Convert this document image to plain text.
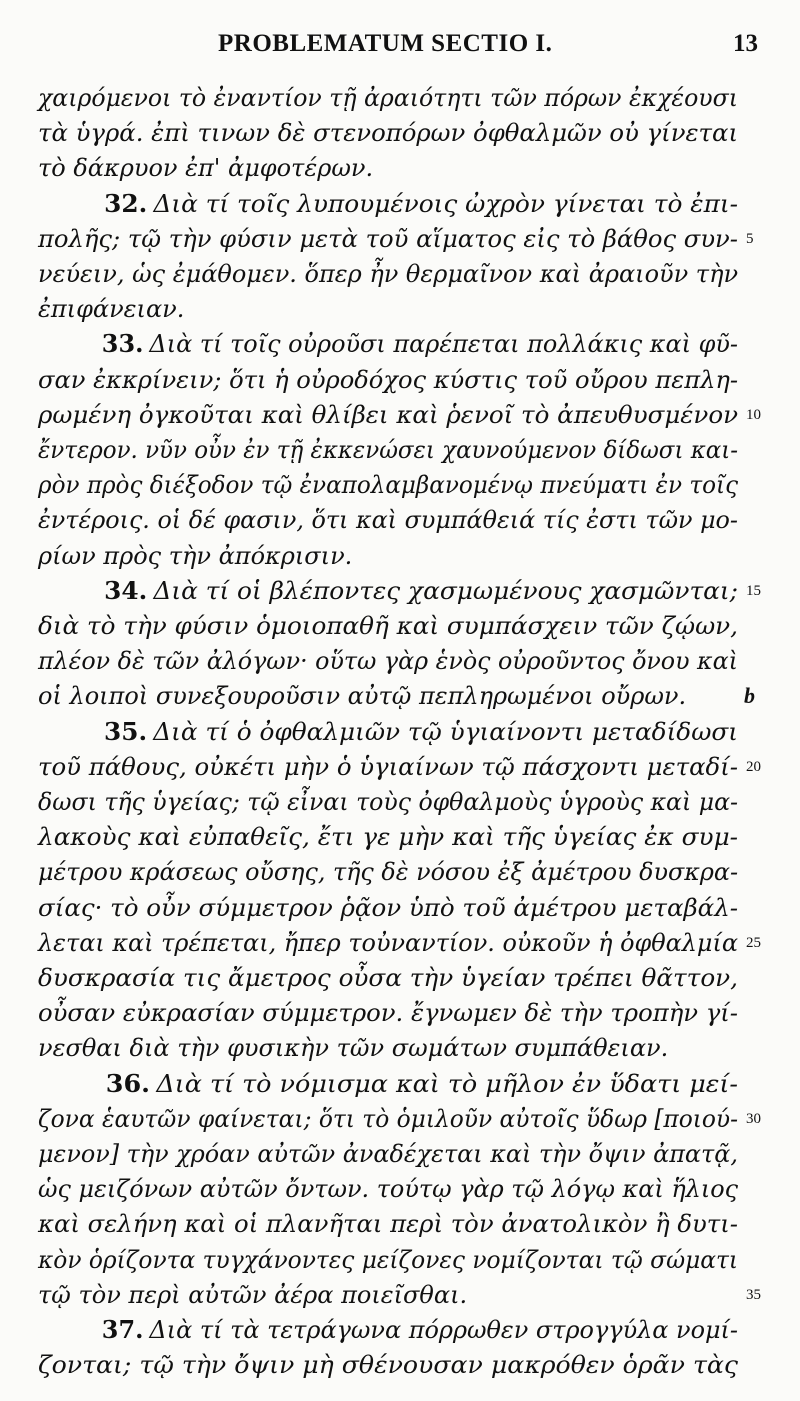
PROBLEMATUM SECTIO I.	13
χαιρόμενοι τὸ ἐναντίον τῇ ἀραιότητι τῶν πόρων ἐκχέουσι
τὰ ὑγρά. ἐπὶ τινων δὲ στενοπόρων ὀφθαλμῶν οὐ γίνεται
τὸ δάκρυον ἐπ' ἀμφοτέρων.
32. Διὰ τί τοῖς λυπουμένοις ὠχρὸν γίνεται τὸ ἐπι-
πολῆς; τῷ τὴν φύσιν μετὰ τοῦ αἵματος εἰς τὸ βάθος συν- 5
νεύειν, ὡς ἐμάθομεν. ὅπερ ἦν θερμαῖνον καὶ ἀραιοῦν τὴν
ἐπιφάνειαν.
33. Διὰ τί τοῖς οὐροῦσι παρέπεται πολλάκις καὶ φῦ-
σαν ἐκκρίνειν; ὅτι ἡ οὐροδόχος κύστις τοῦ οὔρου πεπλη-
ρωμένη ὀγκοῦται καὶ θλίβει καὶ ῥενοῖ τὸ ἀπευθυσμένον 10
ἔντερον. νῦν οὖν ἐν τῇ ἐκκενώσει χαυνούμενον δίδωσι και-
ρὸν πρὸς διέξοδον τῷ ἐναπολαμβανομένῳ πνεύματι ἐν τοῖς
ἐντέροις. οἱ δέ φασιν, ὅτι καὶ συμπάθειά τίς ἐστι τῶν μο-
ρίων πρὸς τὴν ἀπόκρισιν.
34. Διὰ τί οἱ βλέποντες χασμωμένους χασμῶνται; 15
διὰ τὸ τὴν φύσιν ὁμοιοπαθῆ καὶ συμπάσχειν τῶν ζῴων,
πλέον δὲ τῶν ἀλόγων· οὕτω γὰρ ἑνὸς οὐροῦντος ὄνου καὶ
οἱ λοιποὶ συνεξουροῦσιν αὐτῷ πεπληρωμένοι οὔρων.	b
35. Διὰ τί ὁ ὀφθαλμιῶν τῷ ὑγιαίνοντι μεταδίδωσι
τοῦ πάθους, οὐκέτι μὴν ὁ ὑγιαίνων τῷ πάσχοντι μεταδί- 20
δωσι τῆς ὑγείας; τῷ εἶναι τοὺς ὀφθαλμοὺς ὑγροὺς καὶ μα-
λακοὺς καὶ εὐπαθεῖς, ἔτι γε μὴν καὶ τῆς ὑγείας ἐκ συμ-
μέτρου κράσεως οὔσης, τῆς δὲ νόσου ἐξ ἀμέτρου δυσκρα-
σίας· τὸ οὖν σύμμετρον ῥᾷον ὑπὸ τοῦ ἀμέτρου μεταβάλ-
λεται καὶ τρέπεται, ἤπερ τοὐναντίον. οὐκοῦν ἡ ὀφθαλμία 25
δυσκρασία τις ἄμετρος οὖσα τὴν ὑγείαν τρέπει θᾶττον,
οὖσαν εὐκρασίαν σύμμετρον. ἔγνωμεν δὲ τὴν τροπὴν γί-
νεσθαι διὰ τὴν φυσικὴν τῶν σωμάτων συμπάθειαν.
36. Διὰ τί τὸ νόμισμα καὶ τὸ μῆλον ἐν ὕδατι μεί-
ζονα ἑαυτῶν φαίνεται; ὅτι τὸ ὁμιλοῦν αὐτοῖς ὕδωρ [ποιού- 30
μενον] τὴν χρόαν αὐτῶν ἀναδέχεται καὶ τὴν ὄψιν ἀπατᾷ,
ὡς μειζόνων αὐτῶν ὄντων. τούτῳ γὰρ τῷ λόγῳ καὶ ἥλιος
καὶ σελήνη καὶ οἱ πλανῆται περὶ τὸν ἀνατολικὸν ἢ δυτι-
κὸν ὁρίζοντα τυγχάνοντες μείζονες νομίζονται τῷ σώματι
τῷ τὸν περὶ αὐτῶν ἀέρα ποιεῖσθαι.	35
37. Διὰ τί τὰ τετράγωνα πόρρωθεν στρογγύλα νομί-
ζονται; τῷ τὴν ὄψιν μὴ σθένουσαν μακρόθεν ὁρᾶν τὰς
